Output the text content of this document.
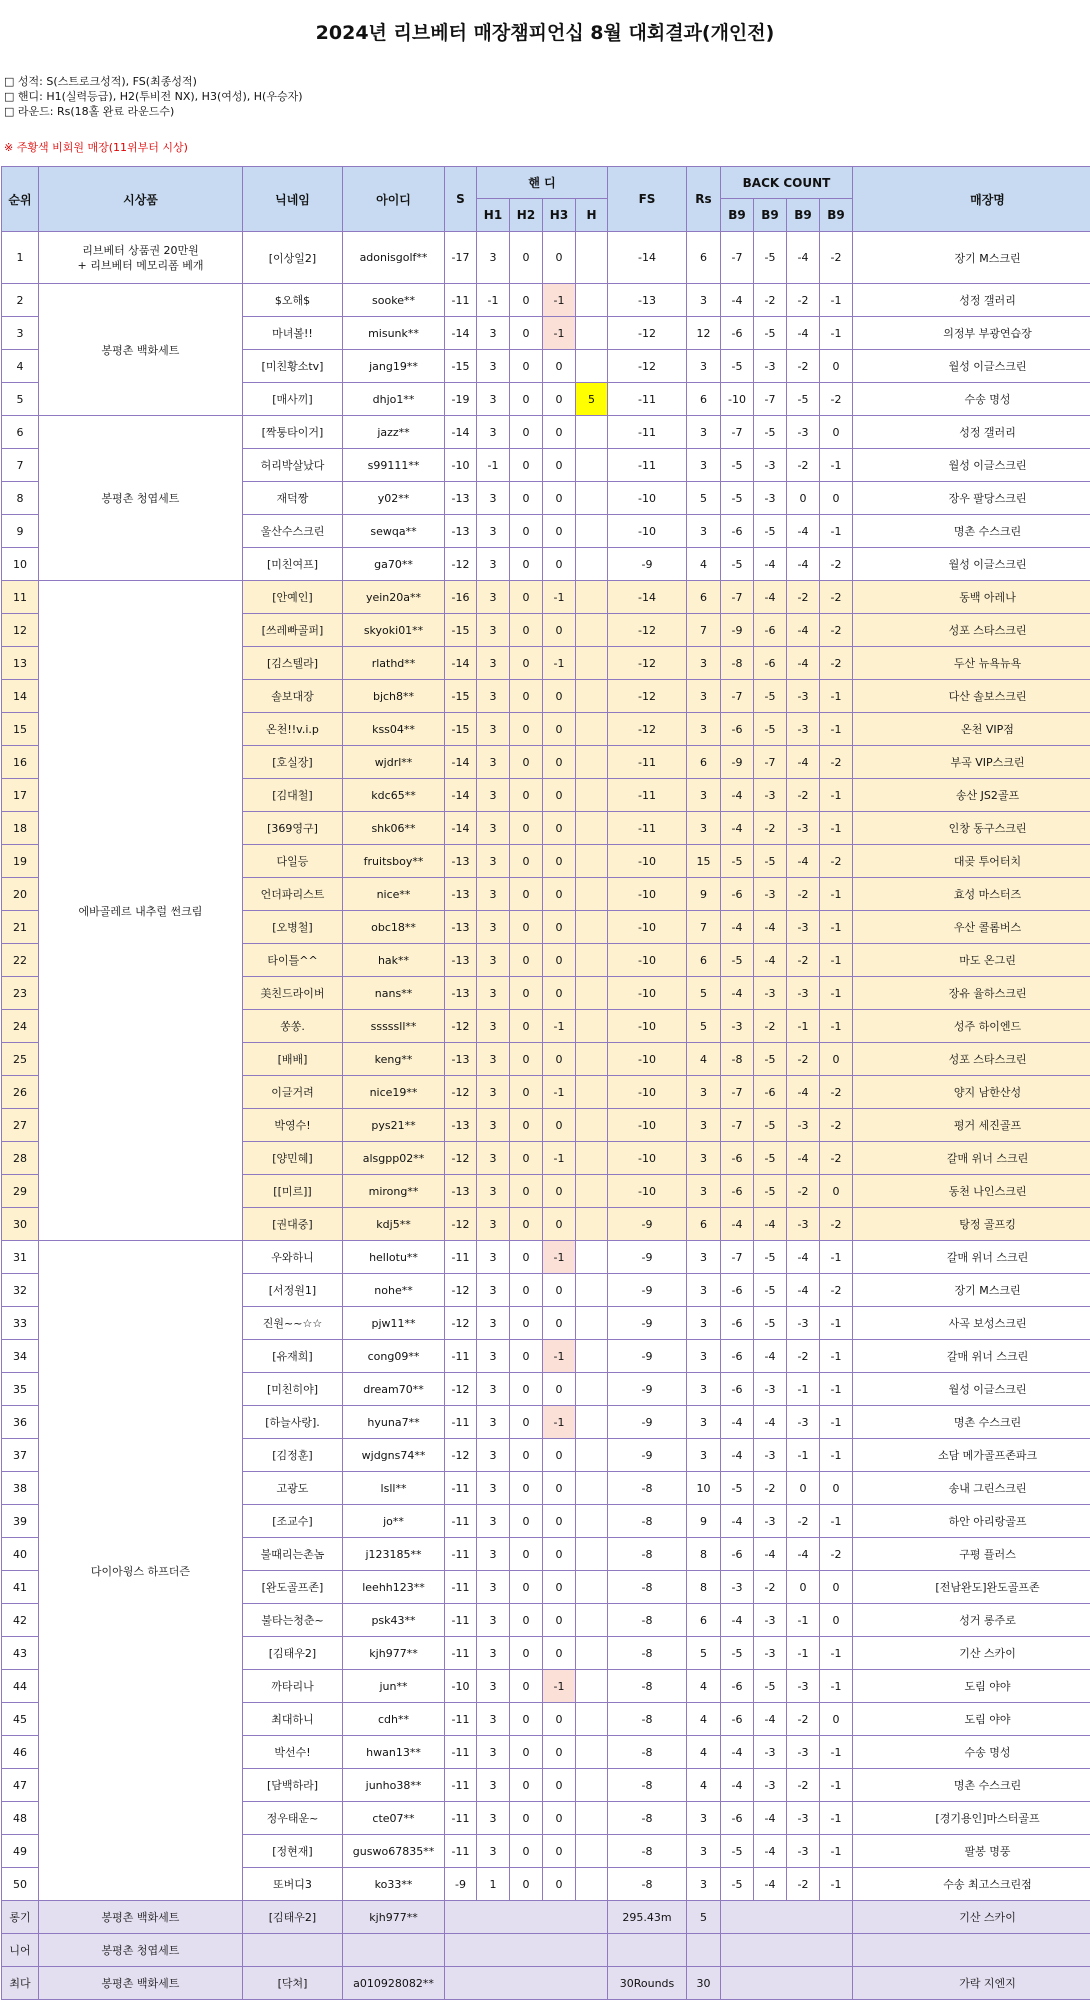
2024년 리브베터 매장챔피언십 8월 대회결과(개인전)
□ 성적: S(스트로크성적), FS(최종성적)
□ 핸디: H1(실력등급), H2(투비전 NX), H3(여성), H(우승자)
□ 라운드: Rs(18홀 완료 라운드수)
※ 주황색 비회원 매장(11위부터 시상)
순위	시상품	닉네임	아이디	S	핸 디				FS	Rs	BACK COUNT				매장명
					H1	H2	H3	H			B9	B9	B9	B9	
1	리브베터 상품권 20만원
+ 리브베터 메모리폼 베개	[이상일2]	adonisgolf**	-17	3	0	0		-14	6	-7	-5	-4	-2	장기 M스크린
2	봉평촌 백화세트	$오해$	sooke**	-11	-1	0	-1		-13	3	-4	-2	-2	-1	성정 갤러리
3		마녀볼!!	misunk**	-14	3	0	-1		-12	12	-6	-5	-4	-1	의정부 부광연습장
4		[미친황소tv]	jang19**	-15	3	0	0		-12	3	-5	-3	-2	0	월성 이글스크린
5		[매사끼]	dhjo1**	-19	3	0	0	5	-11	6	-10	-7	-5	-2	수송 명성
6	봉평촌 청엽세트	[짝퉁타이거]	jazz**	-14	3	0	0		-11	3	-7	-5	-3	0	성정 갤러리
7		허리박살났다	s99111**	-10	-1	0	0		-11	3	-5	-3	-2	-1	월성 이글스크린
8		재덕짱	y02**	-13	3	0	0		-10	5	-5	-3	0	0	장우 팔당스크린
9		울산수스크린	sewqa**	-13	3	0	0		-10	3	-6	-5	-4	-1	명촌 수스크린
10		[미친여프]	ga70**	-12	3	0	0		-9	4	-5	-4	-4	-2	월성 이글스크린
11	에바골레르 내추럴 썬크림	[안예인]	yein20a**	-16	3	0	-1		-14	6	-7	-4	-2	-2	동백 아레나
12		[쓰레빠골퍼]	skyoki01**	-15	3	0	0		-12	7	-9	-6	-4	-2	성포 스타스크린
13		[김스텔라]	rlathd**	-14	3	0	-1		-12	3	-8	-6	-4	-2	두산 뉴욕뉴욕
14		솔보대장	bjch8**	-15	3	0	0		-12	3	-7	-5	-3	-1	다산 솔보스크린
15		온천!!v.i.p	kss04**	-15	3	0	0		-12	3	-6	-5	-3	-1	온천 VIP점
16		[호실장]	wjdrl**	-14	3	0	0		-11	6	-9	-7	-4	-2	부곡 VIP스크린
17		[김대철]	kdc65**	-14	3	0	0		-11	3	-4	-3	-2	-1	송산 JS2골프
18		[369영구]	shk06**	-14	3	0	0		-11	3	-4	-2	-3	-1	인창 동구스크린
19		다일등	fruitsboy**	-13	3	0	0		-10	15	-5	-5	-4	-2	대곶 투어터치
20		언더파리스트	nice**	-13	3	0	0		-10	9	-6	-3	-2	-1	효성 마스터즈
21		[오병철]	obc18**	-13	3	0	0		-10	7	-4	-4	-3	-1	우산 콜롬버스
22		타이틀^^	hak**	-13	3	0	0		-10	6	-5	-4	-2	-1	마도 온그린
23		美친드라이버	nans**	-13	3	0	0		-10	5	-4	-3	-3	-1	장유 율하스크린
24		쏭쏭.	sssssll**	-12	3	0	-1		-10	5	-3	-2	-1	-1	성주 하이엔드
25		[배배]	keng**	-13	3	0	0		-10	4	-8	-5	-2	0	성포 스타스크린
26		이글거려	nice19**	-12	3	0	-1		-10	3	-7	-6	-4	-2	양지 남한산성
27		박영수!	pys21**	-13	3	0	0		-10	3	-7	-5	-3	-2	평거 세진골프
28		[양민혜]	alsgpp02**	-12	3	0	-1		-10	3	-6	-5	-4	-2	갈매 위너 스크린
29		[[미르]]	mirong**	-13	3	0	0		-10	3	-6	-5	-2	0	동천 나인스크린
30		[권대중]	kdj5**	-12	3	0	0		-9	6	-4	-4	-3	-2	탕정 골프킹
31	다이아윙스 하프더즌	우와하니	hellotu**	-11	3	0	-1		-9	3	-7	-5	-4	-1	갈매 위너 스크린
32		[서정원1]	nohe**	-12	3	0	0		-9	3	-6	-5	-4	-2	장기 M스크린
33		진원~~☆☆	pjw11**	-12	3	0	0		-9	3	-6	-5	-3	-1	사곡 보성스크린
34		[유재희]	cong09**	-11	3	0	-1		-9	3	-6	-4	-2	-1	갈매 위너 스크린
35		[미친히야]	dream70**	-12	3	0	0		-9	3	-6	-3	-1	-1	월성 이글스크린
36		[하늘사랑].	hyuna7**	-11	3	0	-1		-9	3	-4	-4	-3	-1	명촌 수스크린
37		[김정훈]	wjdgns74**	-12	3	0	0		-9	3	-4	-3	-1	-1	소담 메가골프존파크
38		고광도	lsll**	-11	3	0	0		-8	10	-5	-2	0	0	송내 그린스크린
39		[조교수]	jo**	-11	3	0	0		-8	9	-4	-3	-2	-1	하안 아리랑골프
40		불때리는촌놈	j123185**	-11	3	0	0		-8	8	-6	-4	-4	-2	구평 플러스
41		[완도골프존]	leehh123**	-11	3	0	0		-8	8	-3	-2	0	0	[전남완도]완도골프존
42		불타는청춘~	psk43**	-11	3	0	0		-8	6	-4	-3	-1	0	성거 롱주로
43		[김태우2]	kjh977**	-11	3	0	0		-8	5	-5	-3	-1	-1	기산 스카이
44		까타리나	jun**	-10	3	0	-1		-8	4	-6	-5	-3	-1	도림 야야
45		최대하니	cdh**	-11	3	0	0		-8	4	-6	-4	-2	0	도림 야야
46		박선수!	hwan13**	-11	3	0	0		-8	4	-4	-3	-3	-1	수송 명성
47		[담백하라]	junho38**	-11	3	0	0		-8	4	-4	-3	-2	-1	명촌 수스크린
48		정우태운~	cte07**	-11	3	0	0		-8	3	-6	-4	-3	-1	[경기용인]마스터골프
49		[정현재]	guswo67835**	-11	3	0	0		-8	3	-5	-4	-3	-1	팔봉 명풍
50		또버디3	ko33**	-9	1	0	0		-8	3	-5	-4	-2	-1	수송 최고스크린점
롱기	봉평촌 백화세트	[김태우2]	kjh977**						295.43m	5					기산 스카이
니어	봉평촌 청엽세트														
최다	봉평촌 백화세트	[닥쳐]	a010928082**						30Rounds	30					가락 지엔지
